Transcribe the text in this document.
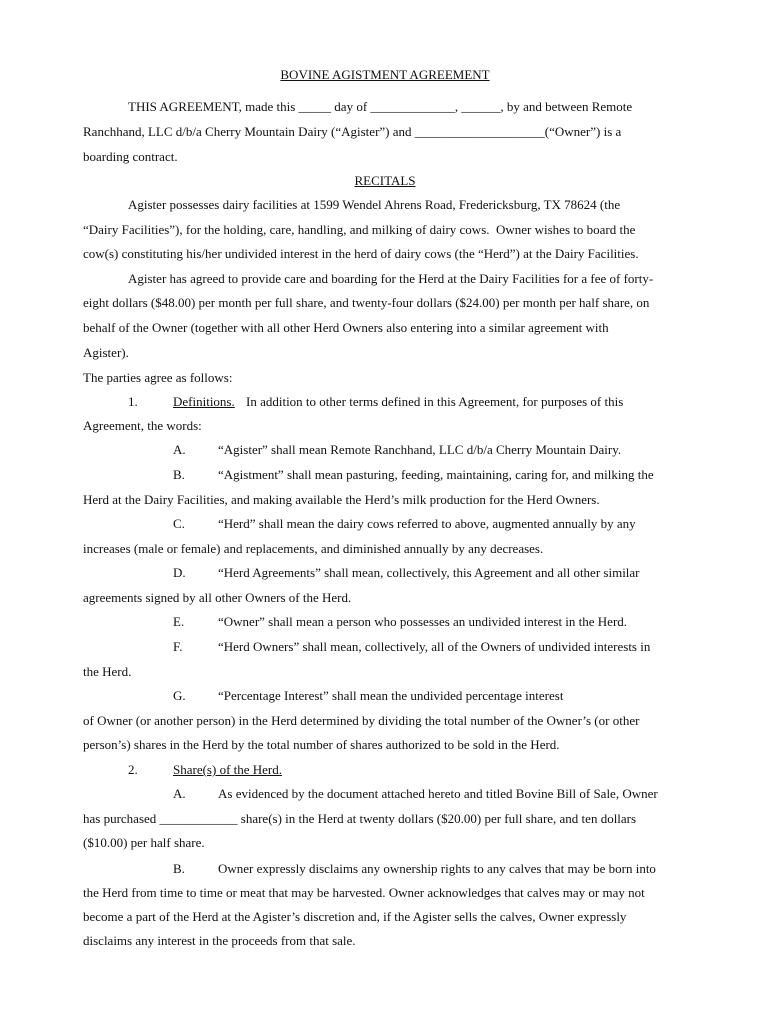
BOVINE AGISTMENT AGREEMENT
THIS AGREEMENT, made this _____ day of _____________, ______, by and between Remote
Ranchhand, LLC d/b/a Cherry Mountain Dairy (“Agister”) and ____________________(“Owner”) is a
boarding contract.
RECITALS
Agister possesses dairy facilities at 1599 Wendel Ahrens Road, Fredericksburg, TX 78624 (the
“Dairy Facilities”), for the holding, care, handling, and milking of dairy cows.  Owner wishes to board the
cow(s) constituting his/her undivided interest in the herd of dairy cows (the “Herd”) at the Dairy Facilities.
Agister has agreed to provide care and boarding for the Herd at the Dairy Facilities for a fee of forty-
eight dollars ($48.00) per month per full share, and twenty-four dollars ($24.00) per month per half share, on
behalf of the Owner (together with all other Herd Owners also entering into a similar agreement with
Agister).
The parties agree as follows:
1.	Definitions. In addition to other terms defined in this Agreement, for purposes of this
Agreement, the words:
A. “Agister” shall mean Remote Ranchhand, LLC d/b/a Cherry Mountain Dairy.
B.	“Agistment” shall mean pasturing, feeding, maintaining, caring for, and milking the
Herd at the Dairy Facilities, and making available the Herd’s milk production for the Herd Owners.
C.	“Herd” shall mean the dairy cows referred to above, augmented annually by any
increases (male or female) and replacements, and diminished annually by any decreases.
D. “Herd Agreements” shall mean, collectively, this Agreement and all other similar
agreements signed by all other Owners of the Herd.
E.	“Owner” shall mean a person who possesses an undivided interest in the Herd.
F.	“Herd Owners” shall mean, collectively, all of the Owners of undivided interests in
the Herd.
G. “Percentage Interest” shall mean the undivided percentage interest
of Owner (or another person) in the Herd determined by dividing the total number of the Owner’s (or other
person’s) shares in the Herd by the total number of shares authorized to be sold in the Herd.
2.	Share(s) of the Herd.
A. As evidenced by the document attached hereto and titled Bovine Bill of Sale, Owner
has purchased ____________ share(s) in the Herd at twenty dollars ($20.00) per full share, and ten dollars
($10.00) per half share.
B.	Owner expressly disclaims any ownership rights to any calves that may be born into
the Herd from time to time or meat that may be harvested. Owner acknowledges that calves may or may not
become a part of the Herd at the Agister’s discretion and, if the Agister sells the calves, Owner expressly
disclaims any interest in the proceeds from that sale.
